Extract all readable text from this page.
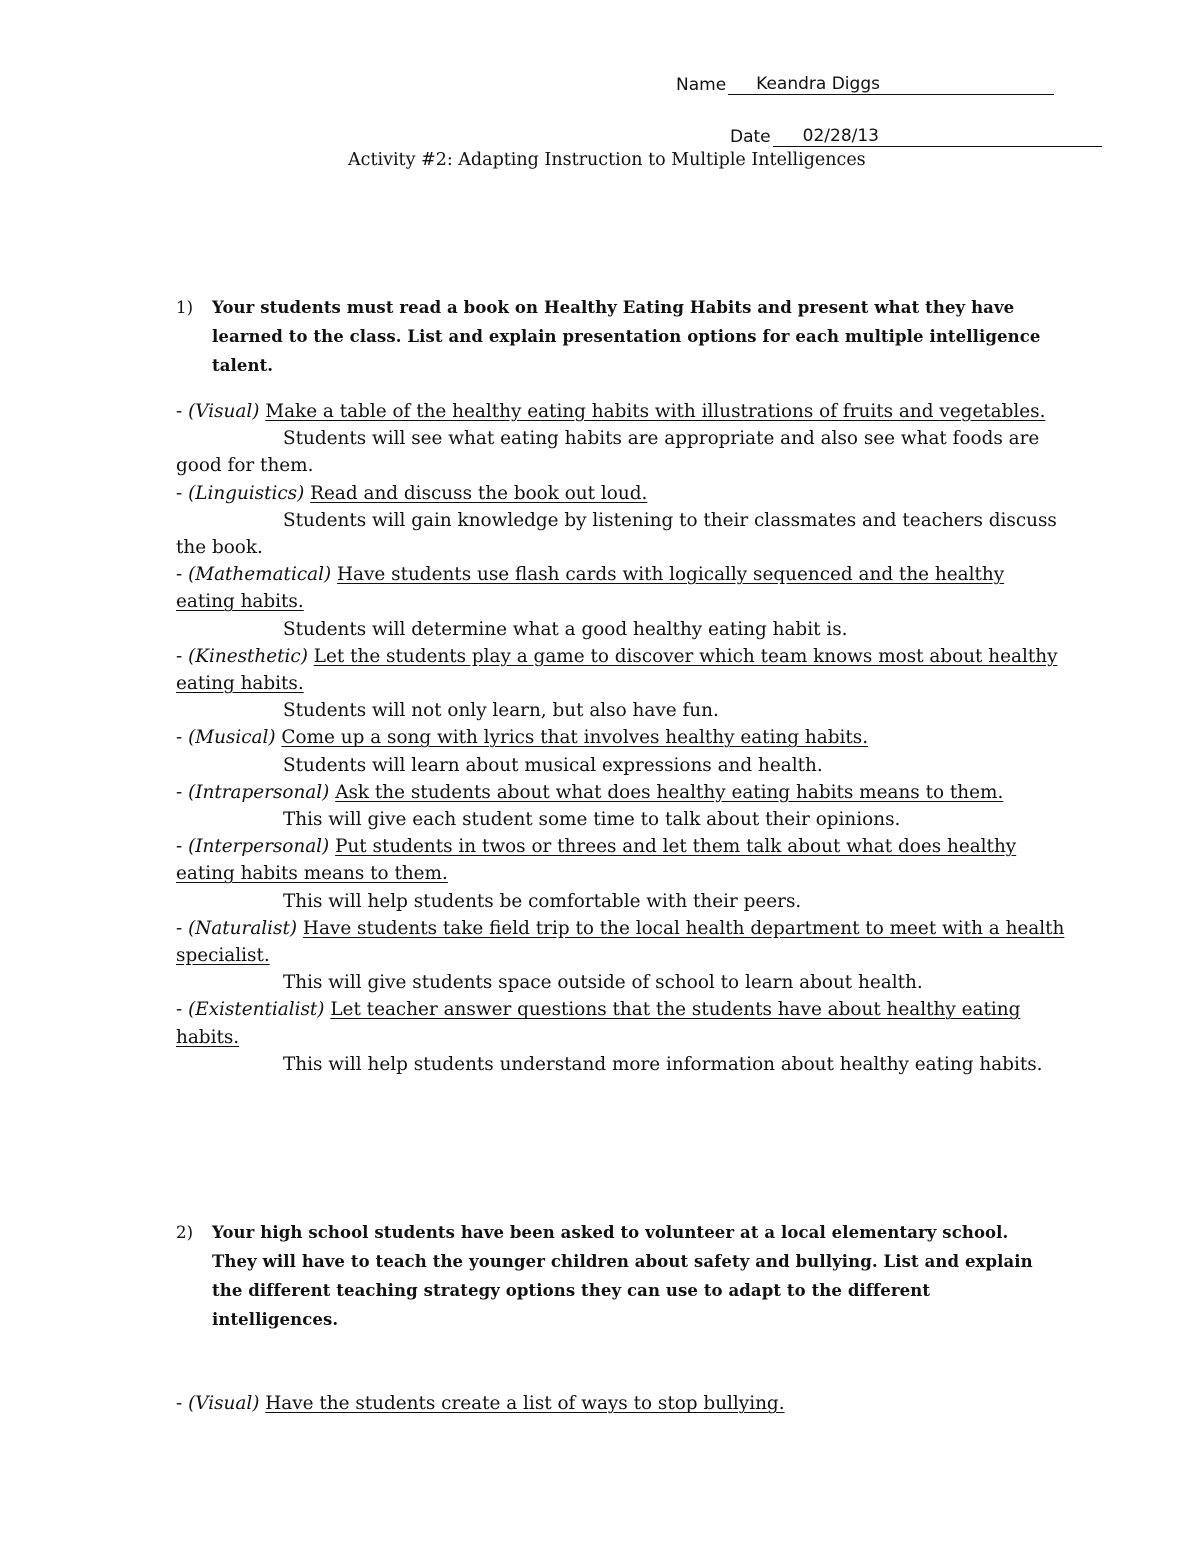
Name	Keandra Diggs
Date	02/28/13
Activity #2: Adapting Instruction to Multiple Intelligences
1)	Your students must read a book on Healthy Eating Habits and present what they have learned to the class. List and explain presentation options for each multiple intelligence talent.

- (Visual) Make a table of the healthy eating habits with illustrations of fruits and vegetables.

Students will see what eating habits are appropriate and also see what foods are good for them.

- (Linguistics) Read and discuss the book out loud.

Students will gain knowledge by listening to their classmates and teachers discuss the book.

- (Mathematical) Have students use flash cards with logically sequenced and the healthy eating habits.

Students will determine what a good healthy eating habit is.

- (Kinesthetic) Let the students play a game to discover which team knows most about healthy eating habits.

Students will not only learn, but also have fun.

- (Musical) Come up a song with lyrics that involves healthy eating habits.

Students will learn about musical expressions and health.

- (Intrapersonal) Ask the students about what does healthy eating habits means to them.

This will give each student some time to talk about their opinions.

- (Interpersonal) Put students in twos or threes and let them talk about what does healthy eating habits means to them.

This will help students be comfortable with their peers.

- (Naturalist) Have students take field trip to the local health department to meet with a health specialist.

This will give students space outside of school to learn about health.

- (Existentialist) Let teacher answer questions that the students have about healthy eating habits.

This will help students understand more information about healthy eating habits.

2)	Your high school students have been asked to volunteer at a local elementary school. They will have to teach the younger children about safety and bullying. List and explain the different teaching strategy options they can use to adapt to the different intelligences.

- (Visual) Have the students create a list of ways to stop bullying.
